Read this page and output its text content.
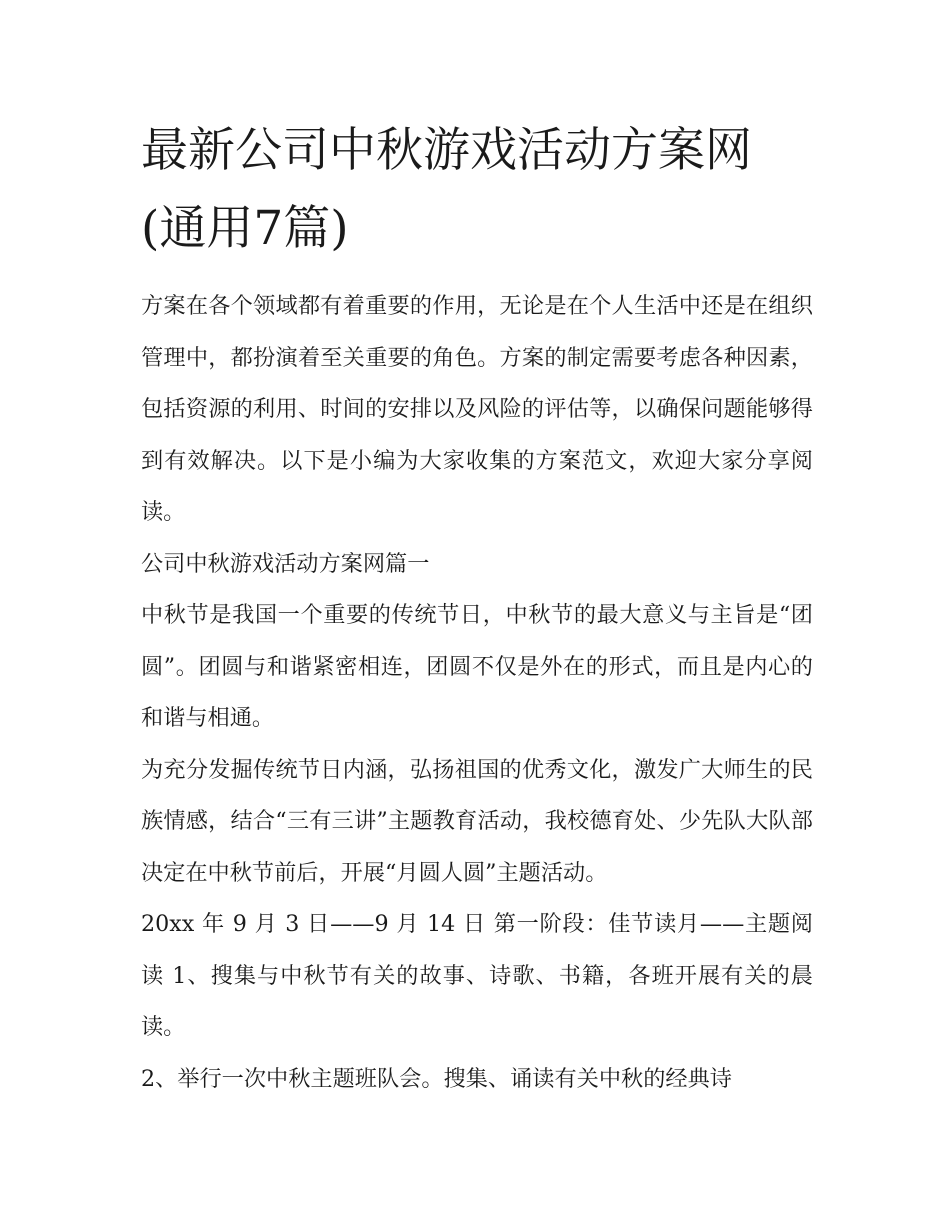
最新公司中秋游戏活动方案网(通用7篇)

方案在各个领域都有着重要的作用，无论是在个人生活中还是在组织管理中，都扮演着至关重要的角色。方案的制定需要考虑各种因素，包括资源的利用、时间的安排以及风险的评估等，以确保问题能够得到有效解决。以下是小编为大家收集的方案范文，欢迎大家分享阅读。

公司中秋游戏活动方案网篇一

中秋节是我国一个重要的传统节日，中秋节的最大意义与主旨是“团圆”。团圆与和谐紧密相连，团圆不仅是外在的形式，而且是内心的和谐与相通。

为充分发掘传统节日内涵，弘扬祖国的优秀文化，激发广大师生的民族情感，结合“三有三讲”主题教育活动，我校德育处、少先队大队部决定在中秋节前后，开展“月圆人圆”主题活动。

20xx 年 9 月 3 日——9 月 14 日 第一阶段：佳节读月——主题阅读 1、搜集与中秋节有关的故事、诗歌、书籍，各班开展有关的晨读。

2、举行一次中秋主题班队会。搜集、诵读有关中秋的经典诗
